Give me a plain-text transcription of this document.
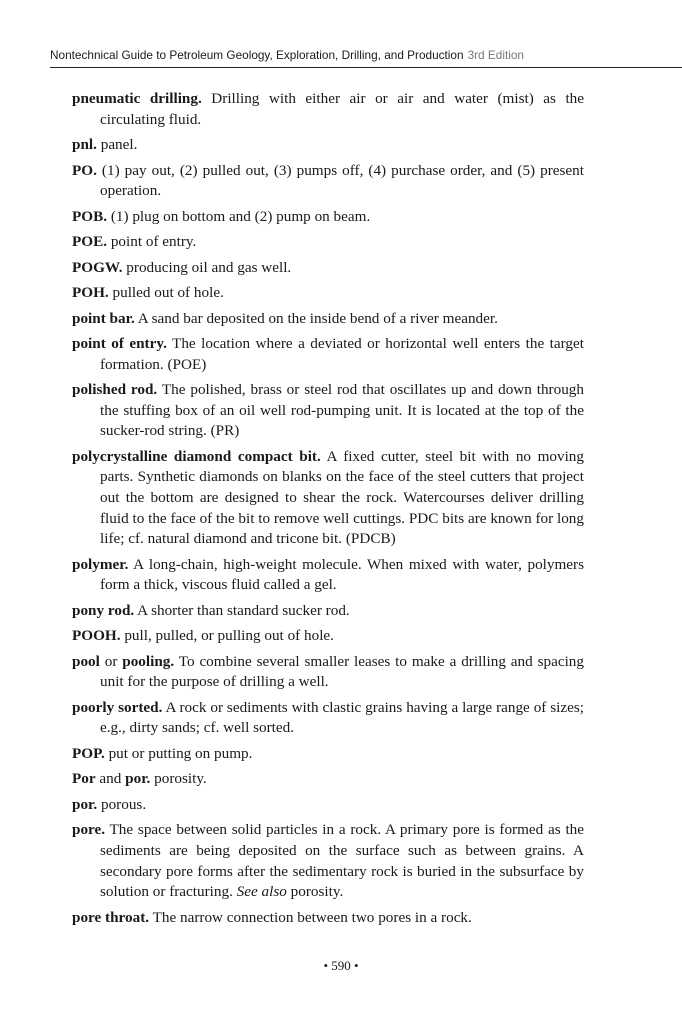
Nontechnical Guide to Petroleum Geology, Exploration, Drilling, and Production 3rd Edition
pneumatic drilling. Drilling with either air or air and water (mist) as the circulating fluid.
pnl. panel.
PO. (1) pay out, (2) pulled out, (3) pumps off, (4) purchase order, and (5) present operation.
POB. (1) plug on bottom and (2) pump on beam.
POE. point of entry.
POGW. producing oil and gas well.
POH. pulled out of hole.
point bar. A sand bar deposited on the inside bend of a river meander.
point of entry. The location where a deviated or horizontal well enters the target formation. (POE)
polished rod. The polished, brass or steel rod that oscillates up and down through the stuffing box of an oil well rod-pumping unit. It is located at the top of the sucker-rod string. (PR)
polycrystalline diamond compact bit. A fixed cutter, steel bit with no moving parts. Synthetic diamonds on blanks on the face of the steel cutters that project out the bottom are designed to shear the rock. Watercourses deliver drilling fluid to the face of the bit to remove well cuttings. PDC bits are known for long life; cf. natural diamond and tricone bit. (PDCB)
polymer. A long-chain, high-weight molecule. When mixed with water, polymers form a thick, viscous fluid called a gel.
pony rod. A shorter than standard sucker rod.
POOH. pull, pulled, or pulling out of hole.
pool or pooling. To combine several smaller leases to make a drilling and spacing unit for the purpose of drilling a well.
poorly sorted. A rock or sediments with clastic grains having a large range of sizes; e.g., dirty sands; cf. well sorted.
POP. put or putting on pump.
Por and por. porosity.
por. porous.
pore. The space between solid particles in a rock. A primary pore is formed as the sediments are being deposited on the surface such as between grains. A secondary pore forms after the sedimentary rock is buried in the subsurface by solution or fracturing. See also porosity.
pore throat. The narrow connection between two pores in a rock.
• 590 •
